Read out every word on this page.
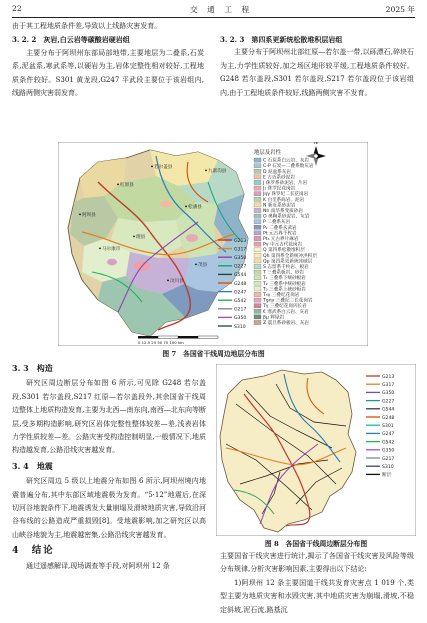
22	交　通　工　程	2025 年

由于其工程地质条件差,导致以上线路灾害发育。

3. 2. 2　灰岩,白云岩等碳酸岩硬岩组

主要分布于阿坝州东部局部地带,主要地层为二叠系,石炭系,泥盆系,寒武系等,以硬岩为主,岩体完整性相对较好,工程地质条件较好。S301 黄龙段,G247 平武段主要位于该岩组内,线路两侧灾害弱发育。

3. 2. 3　第四系更新统松散堆积层岩组

主要分布于阿坝州北部红原—若尔盖一带,以砾漂石,碎块石为主,力学性质较好,加之场区地形较平缓,工程地质条件较好。G248 若尔盖段,S301 若尔盖段,S217 若尔盖段位于该岩组内,由于工程地质条件较好,线路两侧灾害不发育。

若尔盖县
红原县
松潘县
阿坝县
马尔康市
九寨沟县
汶川县
理县
茂县
N
地层及岩性
C 石炭系白云岩、灰岩
C-P 石炭—二叠系数灰岩
D 泥盆系灰岩
E 古近系砂泥岩
J 侏罗系砂泥岩、片岩
J₂ 侏罗纪花岗岩
Jηγ 侏罗纪二长花岗岩
K 白垩系砾岩、泥岩
N 新近系砂泥岩
Nh 南华系变质砂岩
O 奥陶系砂泥岩、灰岩
P 二叠系灰岩
P₂ 二叠系玄武岩
Pt 元古界千枚岩
Pt₃ 元古界片麻岩
Pγ 中元古代花岗岩
Q 第四系松散堆积层
Qh 第四系全新统冲洪积层
Qp 第四系更新统冰碛层
S 志留系千枚岩、板岩
T 三叠系板岩、砂岩
T₁ 三叠系下统砂板岩
T₂ 三叠系中统砂板岩
T₃ 三叠系上统砂板岩
T₃γ 三叠纪花岗岩
Tgηγ 三叠纪二长花岗岩
Tγ 三叠纪花岗闪长岩
€ 寒武系白云岩、灰岩
βμ 辉绿岩
Z 震旦系砂板岩、灰岩
G213
G317
G350
G227
G544
G248
G247
G542
G217
G350
S310
0 12.5 25 50 75 100 km
图 7　各国省干线周边地层分布图
G213
G317
G350
G227
G544
G248
S301
G247
G542
G350
G217
S310
断层
图 8　各国省干线周边断层分布图

3. 3　构造

研究区周边断层分布如图 6 所示,可见除 G248 若尔盖段,S301 若尔盖段,S217 红原—若尔盖段外,其余国省干线周边整体上地质构造发育,主要为北西—南东向,南西—北东向等断层,受多期构造影响,研究区岩体完整性整体较差—差,浅表岩体力学性质较差—差。公路灾害受构造控制明显,一般情况下,地质构造越发育,公路沿线灾害越发育。

3. 4　地震

研究区周边 5 级以上地震分布如图 6 所示,阿坝州境内地震普遍分布,其中东部区域地震极为发育。“5·12”地震后,在深切河谷地貌条件下,地震诱发大量崩塌及滑坡地质灾害,导致沿河谷布线的公路造成严重损毁[8]。受地震影响,加之研究区以高山峡谷地貌为主,地震越密集,公路沿线灾害越发育。

4　结论

通过遥感解译,现场调查等手段,对阿坝州 12 条

主要国省干线灾害进行统计,揭示了各国省干线灾害及风险等级分布规律,分析灾害影响因素,主要得出以下结论:

1)阿坝州 12 条主要国道干线共发育灾害点 1 019 个,类型主要为地质灾害和水毁灾害,其中地质灾害为崩塌,滑坡,不稳定斜坡,泥石流,路基沉
